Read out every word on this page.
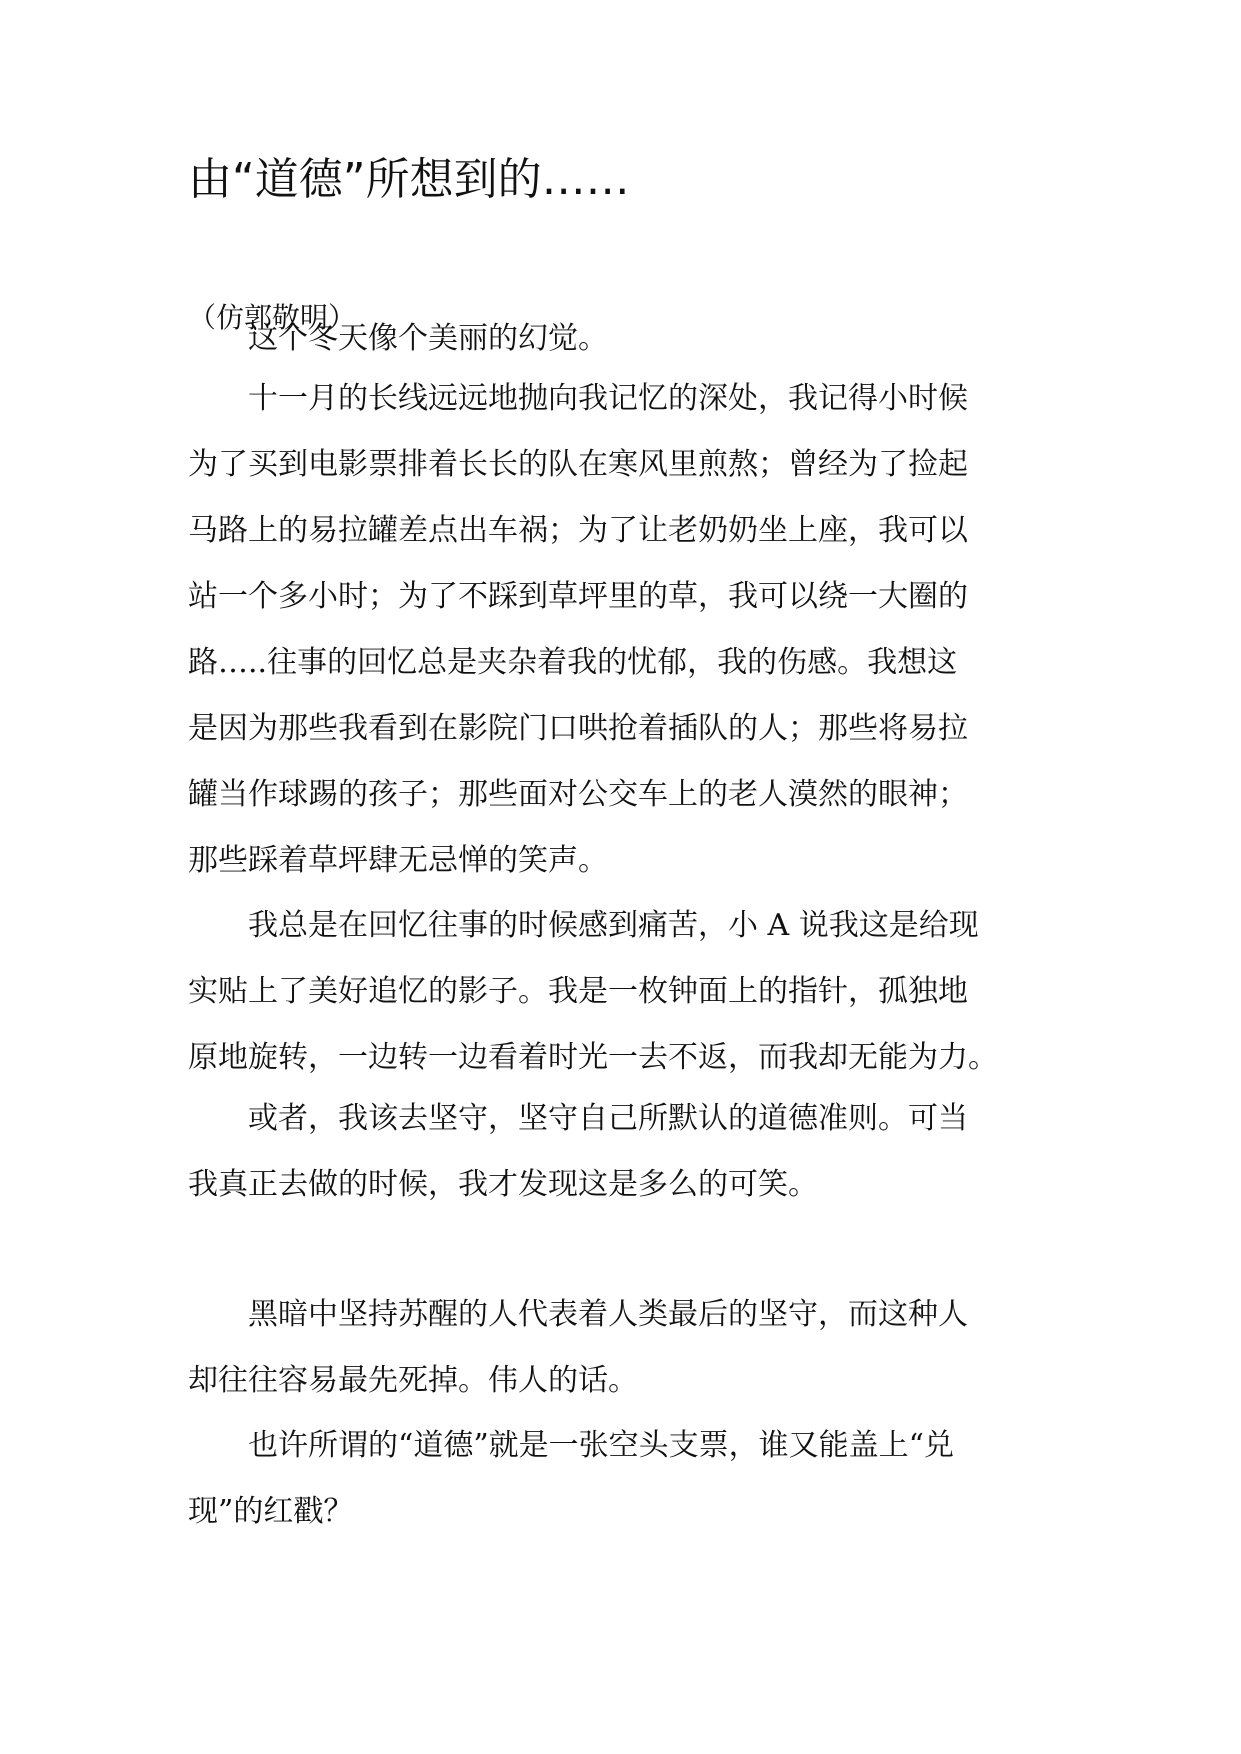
由“道德”所想到的……

（仿郭敬明）

这个冬天像个美丽的幻觉。
十一月的长线远远地抛向我记忆的深处，我记得小时候
为了买到电影票排着长长的队在寒风里煎熬；曾经为了捡起
马路上的易拉罐差点出车祸；为了让老奶奶坐上座，我可以
站一个多小时；为了不踩到草坪里的草，我可以绕一大圈的
路…..往事的回忆总是夹杂着我的忧郁，我的伤感。我想这
是因为那些我看到在影院门口哄抢着插队的人；那些将易拉
罐当作球踢的孩子；那些面对公交车上的老人漠然的眼神；
那些踩着草坪肆无忌惮的笑声。
我总是在回忆往事的时候感到痛苦，小 A 说我这是给现
实贴上了美好追忆的影子。我是一枚钟面上的指针，孤独地
原地旋转，一边转一边看着时光一去不返，而我却无能为力。
或者，我该去坚守，坚守自己所默认的道德准则。可当
我真正去做的时候，我才发现这是多么的可笑。
黑暗中坚持苏醒的人代表着人类最后的坚守，而这种人
却往往容易最先死掉。伟人的话。
也许所谓的“道德”就是一张空头支票，谁又能盖上“兑
现”的红戳？
